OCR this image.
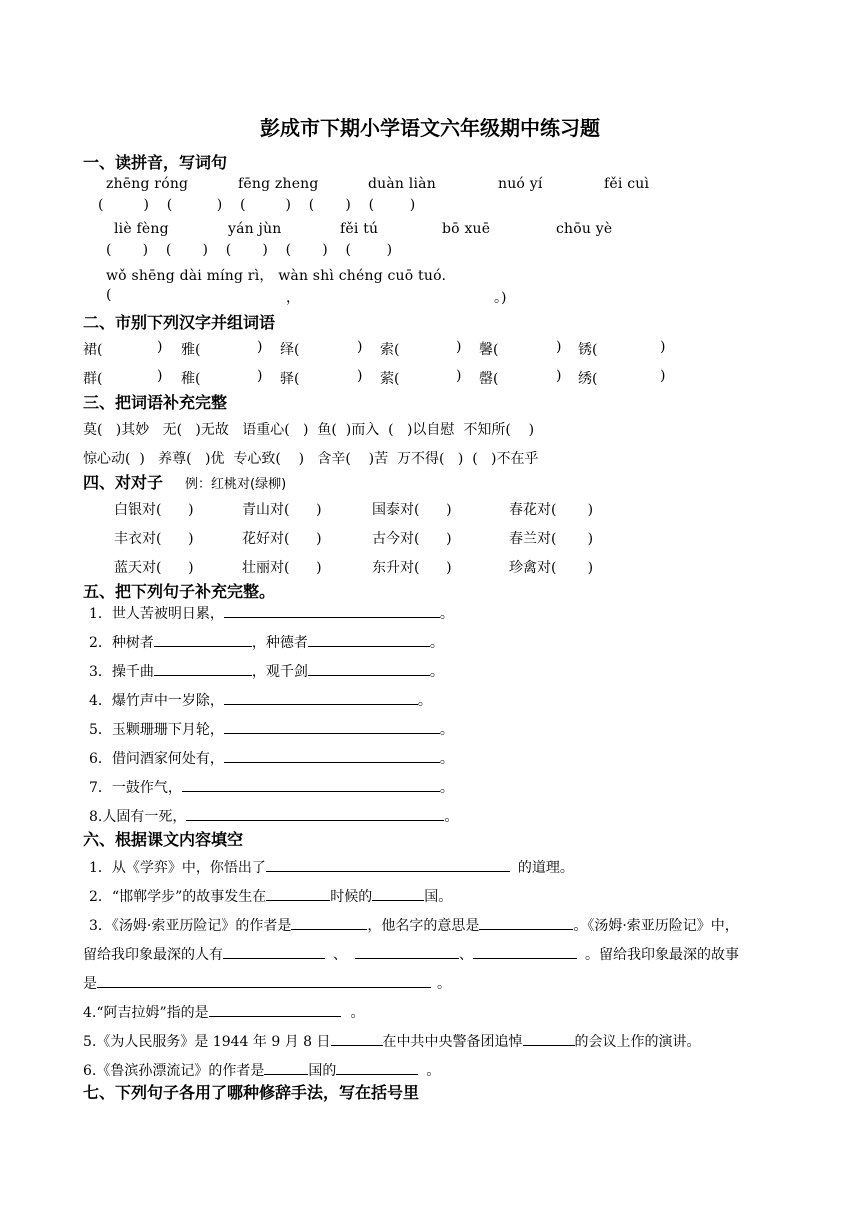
彭成市下期小学语文六年级期中练习题
一、读拼音，写词句
zhēng róng	fēng zheng	duàn liàn	nuó yí	fěi cuì
(         )    (          )    (         )    (       )    (        )
liè fèng	yán jùn	fěi tú	bō xuē	chōu yè
(       )    (       )    (       )    (       )    (        )
wǒ shēng dài míng rì， wàn shì chéng cuō tuó.
(	，	。)
二、市别下列汉字并组词语
裙(	) 雅(	) 绎(	) 索(	) 馨(	) 锈(	)
群(	) 稚(	) 驿(	) 萦(	) 罄(	) 绣(	)
三、把词语补充完整
莫(   )其妙   无(   )无故   语重心(   )  鱼(  )而入  (   )以自慰  不知所(    )
惊心动(  )   养尊(   )优  专心致(    )   含辛(    )苦  万不得(   )  (   )不在乎
四、对对子 例：红桃对(绿柳)
白银对(      )	青山对(      )	国泰对(      )	春花对(       )
丰衣对(      )	花好对(      )	古今对(      )	春兰对(       )
蓝天对(      )	壮丽对(      )	东升对(      )	珍禽对(       )
五、把下列句子补充完整。
1．世人苦被明日累，	。
2．种树者	，种德者	。
3．操千曲	，观千剑	。
4．爆竹声中一岁除，	。
5．玉颗珊珊下月轮，	。
6．借问酒家何处有，	。
7．一鼓作气，	。
8.人固有一死，	。
六、根据课文内容填空
1．从《学弈》中，你悟出了	的道理。
2．“邯郸学步”的故事发生在	时候的	国。
3．《汤姆·索亚历险记》的作者是	，他名字的意思是	。《汤姆·索亚历险记》中，
留给我印象最深的人有	、	、	。留给我印象最深的故事
是	。
4.“阿吉拉姆”指的是	。
5.《为人民服务》是 1944 年 9 月 8 日	在中共中央警备团追悼	的会议上作的演讲。
6.《鲁滨孙漂流记》的作者是	国的	。
七、下列句子各用了哪种修辞手法，写在括号里
